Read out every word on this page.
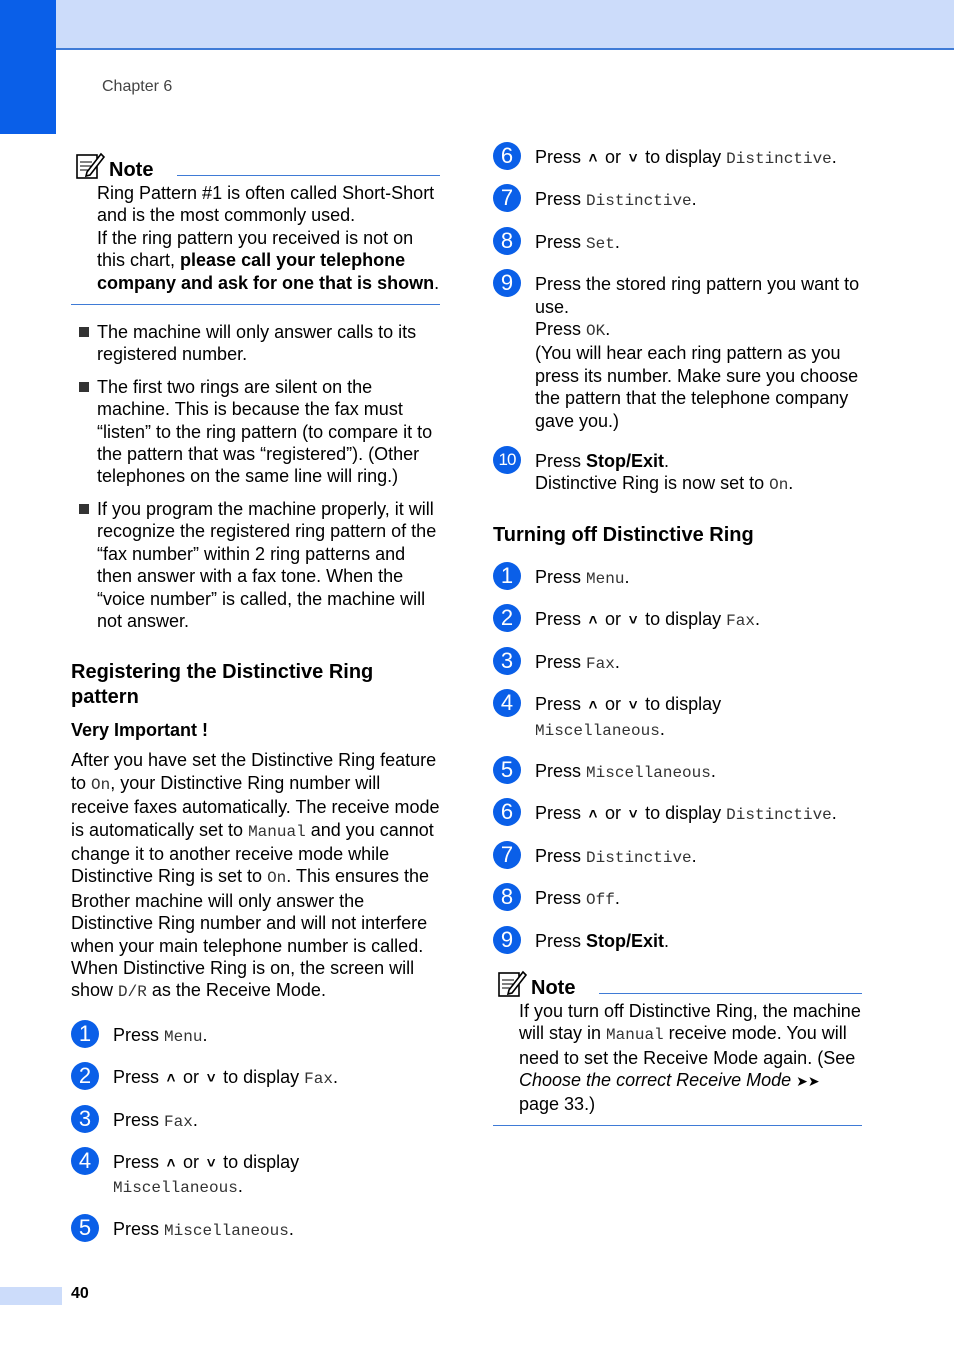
Chapter 6
40
Note
Ring Pattern #1 is often called Short-Short and is the most commonly used.
If the ring pattern you received is not on this chart, please call your telephone company and ask for one that is shown.
The machine will only answer calls to its registered number.
The first two rings are silent on the machine. This is because the fax must “listen” to the ring pattern (to compare it to the pattern that was “registered”). (Other telephones on the same line will ring.)
If you program the machine properly, it will recognize the registered ring pattern of the “fax number” within 2 ring patterns and then answer with a fax tone. When the “voice number” is called, the machine will not answer.
Registering the Distinctive Ring pattern
Very Important !

After you have set the Distinctive Ring feature to On, your Distinctive Ring number will receive faxes automatically. The receive mode is automatically set to Manual and you cannot change it to another receive mode while Distinctive Ring is set to On. This ensures the Brother machine will only answer the Distinctive Ring number and will not interfere when your main telephone number is called. When Distinctive Ring is on, the screen will show D/R as the Receive Mode.

1	Press Menu.
2	Press ˄ or ˅ to display Fax.
3	Press Fax.
4	Press ˄ or ˅ to display
Miscellaneous.
5	Press Miscellaneous.
6	Press ˄ or ˅ to display Distinctive.
7	Press Distinctive.
8	Press Set.
9	Press the stored ring pattern you want to use.
Press OK.
(You will hear each ring pattern as you press its number. Make sure you choose the pattern that the telephone company gave you.)
10	Press Stop/Exit.
Distinctive Ring is now set to On.
Turning off Distinctive Ring
1	Press Menu.
2	Press ˄ or ˅ to display Fax.
3	Press Fax.
4	Press ˄ or ˅ to display
Miscellaneous.
5	Press Miscellaneous.
6	Press ˄ or ˅ to display Distinctive.
7	Press Distinctive.
8	Press Off.
9	Press Stop/Exit.
Note
If you turn off Distinctive Ring, the machine will stay in Manual receive mode. You will need to set the Receive Mode again. (See Choose the correct Receive Mode ➤➤ page 33.)
